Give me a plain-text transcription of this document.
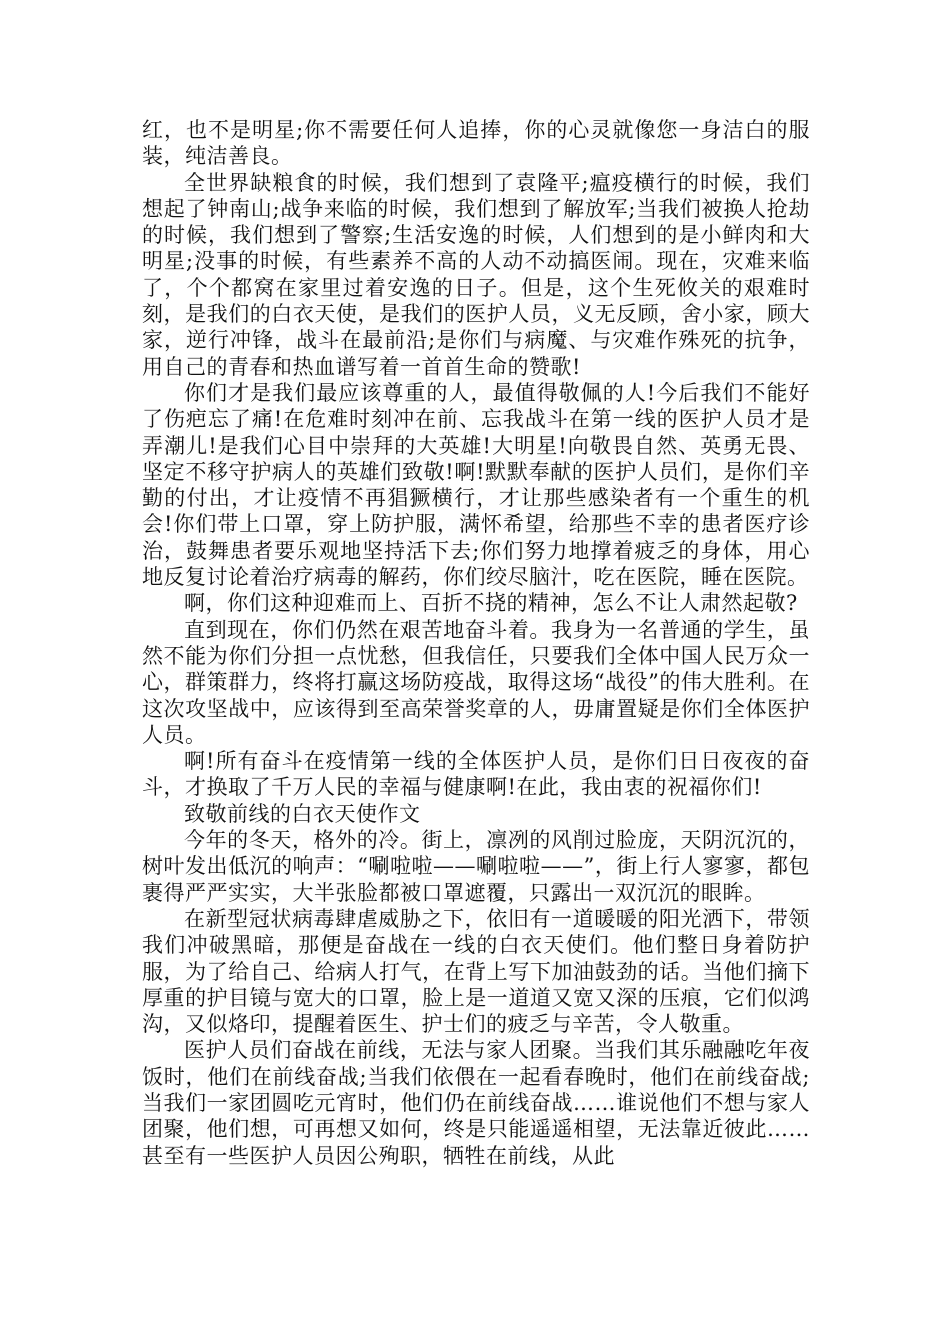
红，也不是明星;你不需要任何人追捧，你的心灵就像您一身洁白的服装，纯洁善良。

全世界缺粮食的时候，我们想到了袁隆平;瘟疫横行的时候，我们想起了钟南山;战争来临的时候，我们想到了解放军;当我们被换人抢劫的时候，我们想到了警察;生活安逸的时候，人们想到的是小鲜肉和大明星;没事的时候，有些素养不高的人动不动搞医闹。现在，灾难来临了，个个都窝在家里过着安逸的日子。但是，这个生死攸关的艰难时刻，是我们的白衣天使，是我们的医护人员，义无反顾，舍小家，顾大家，逆行冲锋，战斗在最前沿;是你们与病魔、与灾难作殊死的抗争，用自己的青春和热血谱写着一首首生命的赞歌!

你们才是我们最应该尊重的人，最值得敬佩的人!今后我们不能好了伤疤忘了痛!在危难时刻冲在前、忘我战斗在第一线的医护人员才是弄潮儿!是我们心目中崇拜的大英雄!大明星!向敬畏自然、英勇无畏、坚定不移守护病人的英雄们致敬!啊!默默奉献的医护人员们，是你们辛勤的付出，才让疫情不再猖獗横行，才让那些感染者有一个重生的机会!你们带上口罩，穿上防护服，满怀希望，给那些不幸的患者医疗诊治，鼓舞患者要乐观地坚持活下去;你们努力地撑着疲乏的身体，用心地反复讨论着治疗病毒的解药，你们绞尽脑汁，吃在医院，睡在医院。

啊，你们这种迎难而上、百折不挠的精神，怎么不让人肃然起敬?

直到现在，你们仍然在艰苦地奋斗着。我身为一名普通的学生，虽然不能为你们分担一点忧愁，但我信任，只要我们全体中国人民万众一心，群策群力，终将打赢这场防疫战，取得这场“战役”的伟大胜利。在这次攻坚战中，应该得到至高荣誉奖章的人，毋庸置疑是你们全体医护人员。

啊!所有奋斗在疫情第一线的全体医护人员，是你们日日夜夜的奋斗，才换取了千万人民的幸福与健康啊!在此，我由衷的祝福你们!

致敬前线的白衣天使作文

今年的冬天，格外的冷。街上，凛冽的风削过脸庞，天阴沉沉的，树叶发出低沉的响声：“唰啦啦——唰啦啦——”，街上行人寥寥，都包裹得严严实实，大半张脸都被口罩遮覆，只露出一双沉沉的眼眸。

在新型冠状病毒肆虐威胁之下，依旧有一道暖暖的阳光洒下，带领我们冲破黑暗，那便是奋战在一线的白衣天使们。他们整日身着防护服，为了给自己、给病人打气，在背上写下加油鼓劲的话。当他们摘下厚重的护目镜与宽大的口罩，脸上是一道道又宽又深的压痕，它们似鸿沟，又似烙印，提醒着医生、护士们的疲乏与辛苦，令人敬重。

医护人员们奋战在前线，无法与家人团聚。当我们其乐融融吃年夜饭时，他们在前线奋战;当我们依偎在一起看春晚时，他们在前线奋战;当我们一家团圆吃元宵时，他们仍在前线奋战……谁说他们不想与家人团聚，他们想，可再想又如何，终是只能遥遥相望，无法靠近彼此……甚至有一些医护人员因公殉职，牺牲在前线，从此
